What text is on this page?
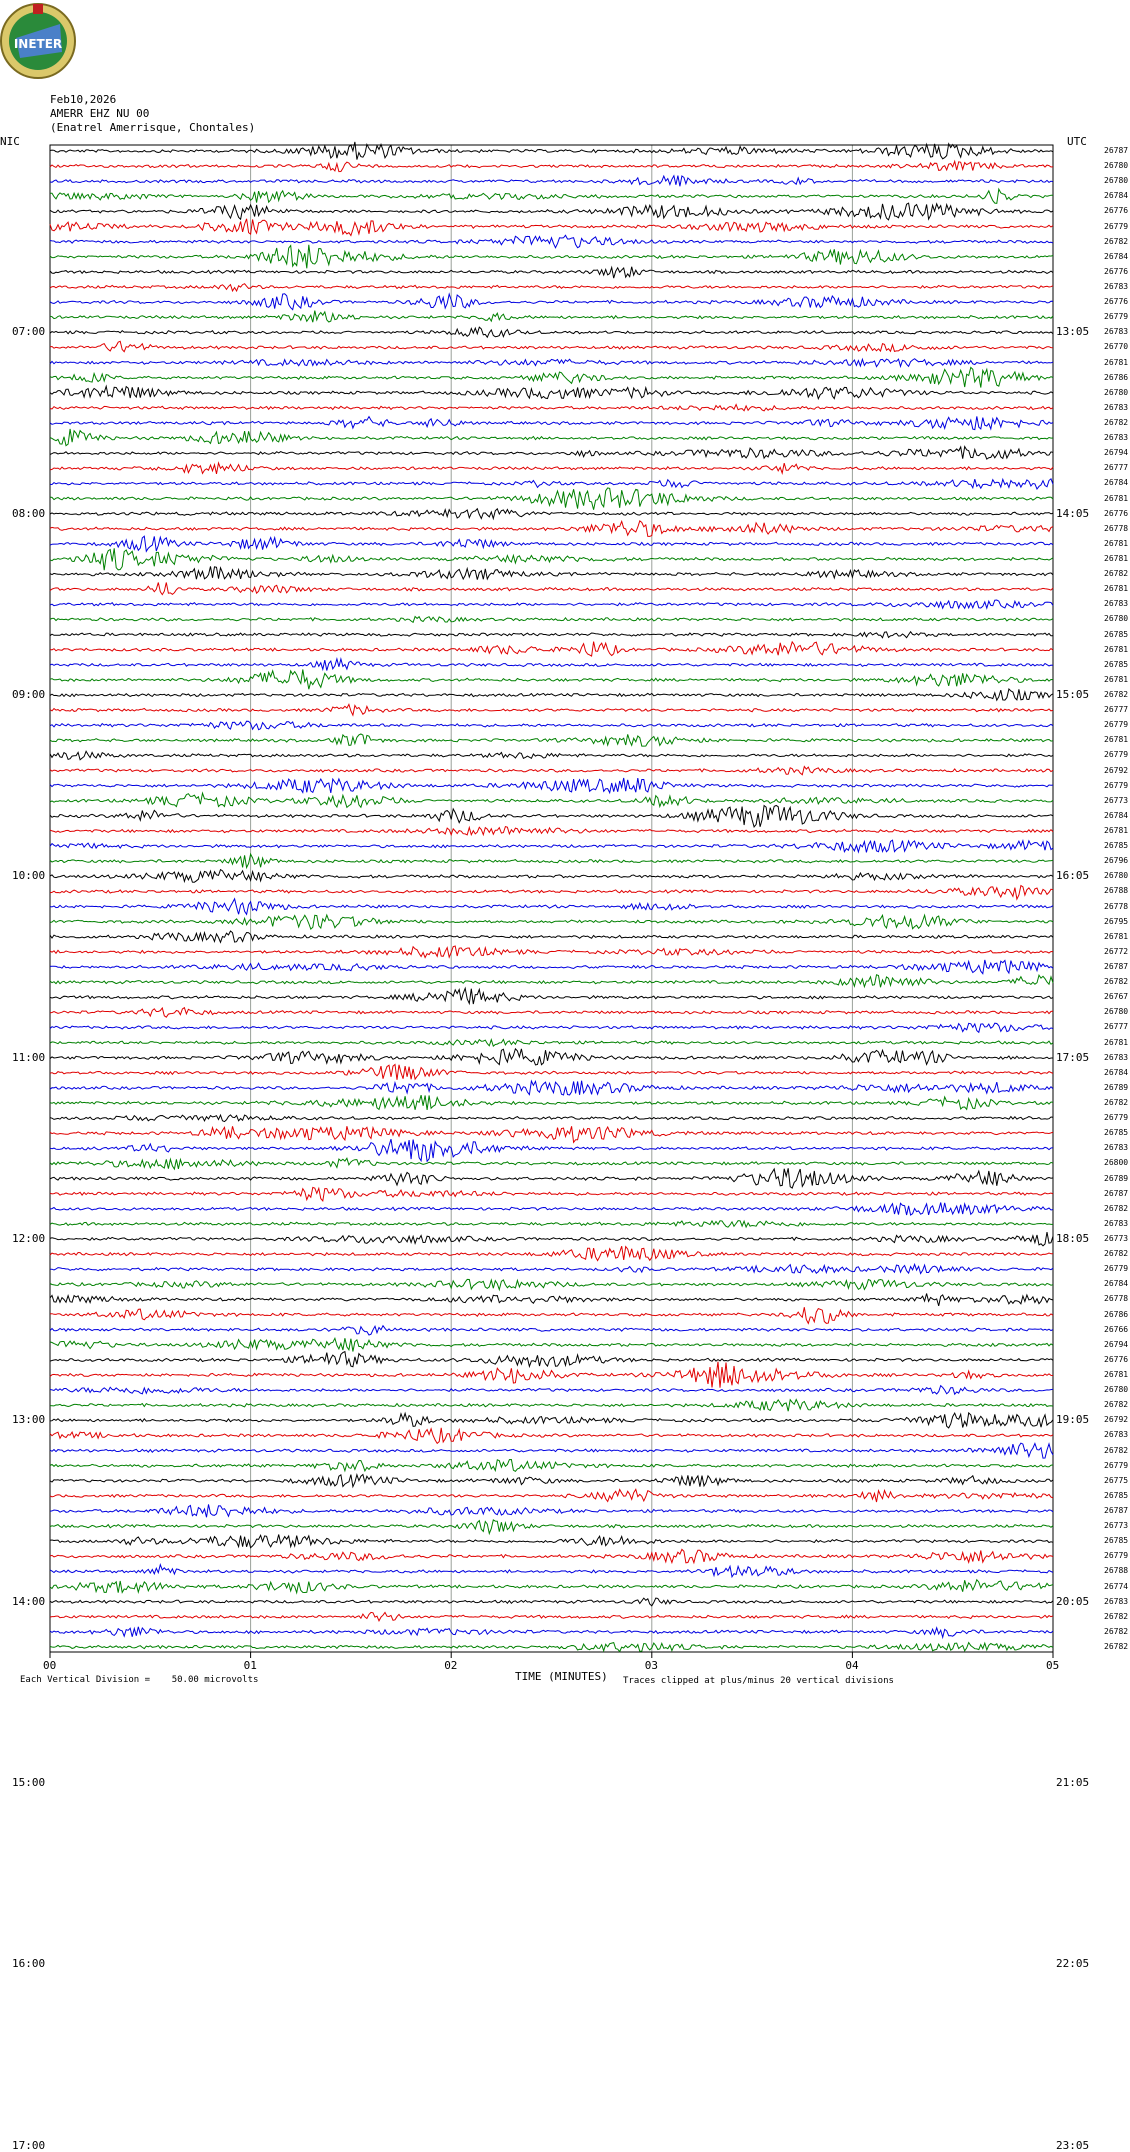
INETER
Feb10,2026
AMERR EHZ NU 00
(Enatrel Amerrisque, Chontales)
NIC	UTC
07:00
08:00
09:00
10:00
11:00
12:00
13:00
14:00
15:00
16:00
17:00
13:05
14:05
15:05
16:05
17:05
18:05
19:05
20:05
21:05
22:05
23:05
26787
26780
26780
26784
26776
26779
26782
26784
26776
26783
26776
26779
26783
26770
26781
26786
26780
26783
26782
26783
26794
26777
26784
26781
26776
26778
26781
26781
26782
26781
26783
26780
26785
26781
26785
26781
26782
26777
26779
26781
26779
26792
26779
26773
26784
26781
26785
26796
26780
26788
26778
26795
26781
26772
26787
26782
26767
26780
26777
26781
26783
26784
26789
26782
26779
26785
26783
26800
26789
26787
26782
26783
26773
26782
26779
26784
26778
26786
26766
26794
26776
26781
26780
26782
26792
26783
26782
26779
26775
26785
26787
26773
26785
26779
26788
26774
26783
26782
26782
26782
00	01	02	03	04	05
Each Vertical Division =    50.00 microvolts	TIME (MINUTES) Traces clipped at plus/minus 20 vertical divisions
